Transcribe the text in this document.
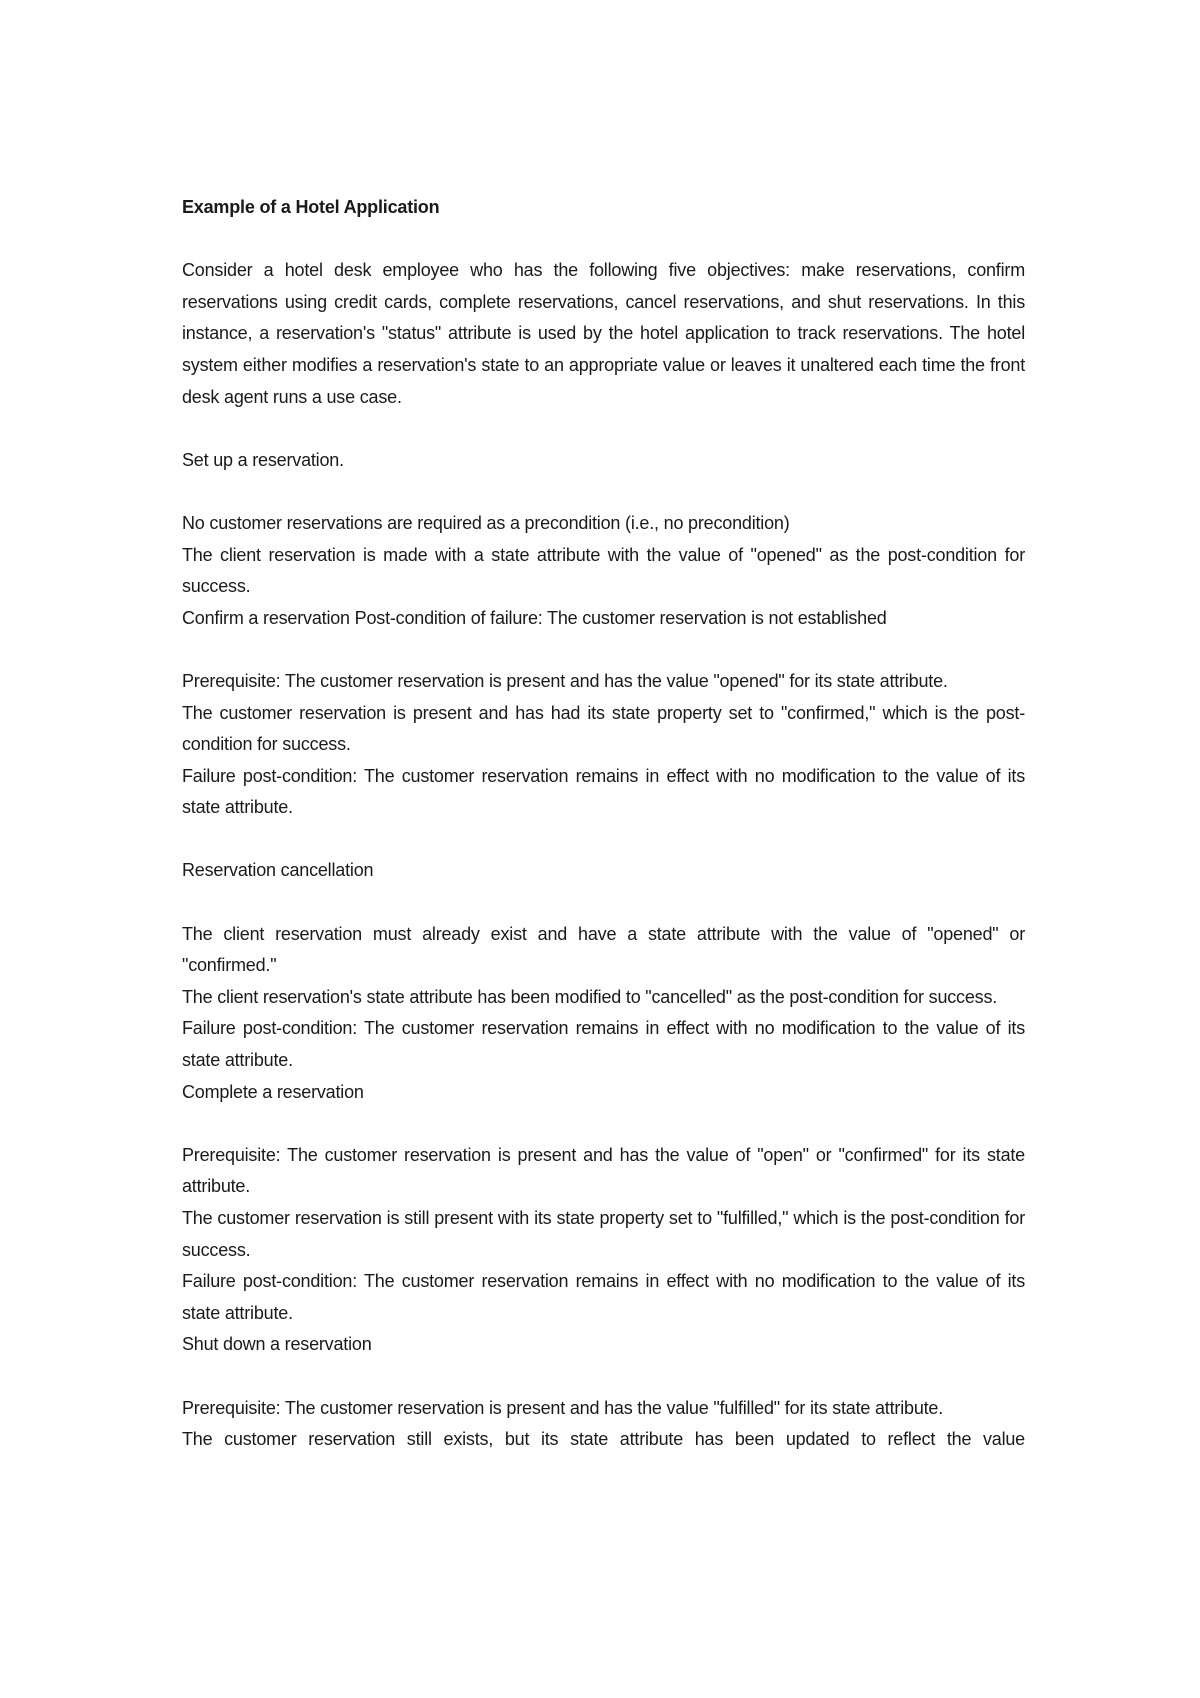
Example of a Hotel Application

Consider a hotel desk employee who has the following five objectives: make reservations, confirm reservations using credit cards, complete reservations, cancel reservations, and shut reservations. In this instance, a reservation's "status" attribute is used by the hotel application to track reservations. The hotel system either modifies a reservation's state to an appropriate value or leaves it unaltered each time the front desk agent runs a use case.

Set up a reservation.

No customer reservations are required as a precondition (i.e., no precondition)

The client reservation is made with a state attribute with the value of "opened" as the post-condition for success.

Confirm a reservation Post-condition of failure: The customer reservation is not established

Prerequisite: The customer reservation is present and has the value "opened" for its state attribute.

The customer reservation is present and has had its state property set to "confirmed," which is the post-condition for success.

Failure post-condition: The customer reservation remains in effect with no modification to the value of its state attribute.

Reservation cancellation

The client reservation must already exist and have a state attribute with the value of "opened" or "confirmed."

The client reservation's state attribute has been modified to "cancelled" as the post-condition for success.

Failure post-condition: The customer reservation remains in effect with no modification to the value of its state attribute.

Complete a reservation

Prerequisite: The customer reservation is present and has the value of "open" or "confirmed" for its state attribute.

The customer reservation is still present with its state property set to "fulfilled," which is the post-condition for success.

Failure post-condition: The customer reservation remains in effect with no modification to the value of its state attribute.

Shut down a reservation

Prerequisite: The customer reservation is present and has the value "fulfilled" for its state attribute.

The customer reservation still exists, but its state attribute has been updated to reflect the value
